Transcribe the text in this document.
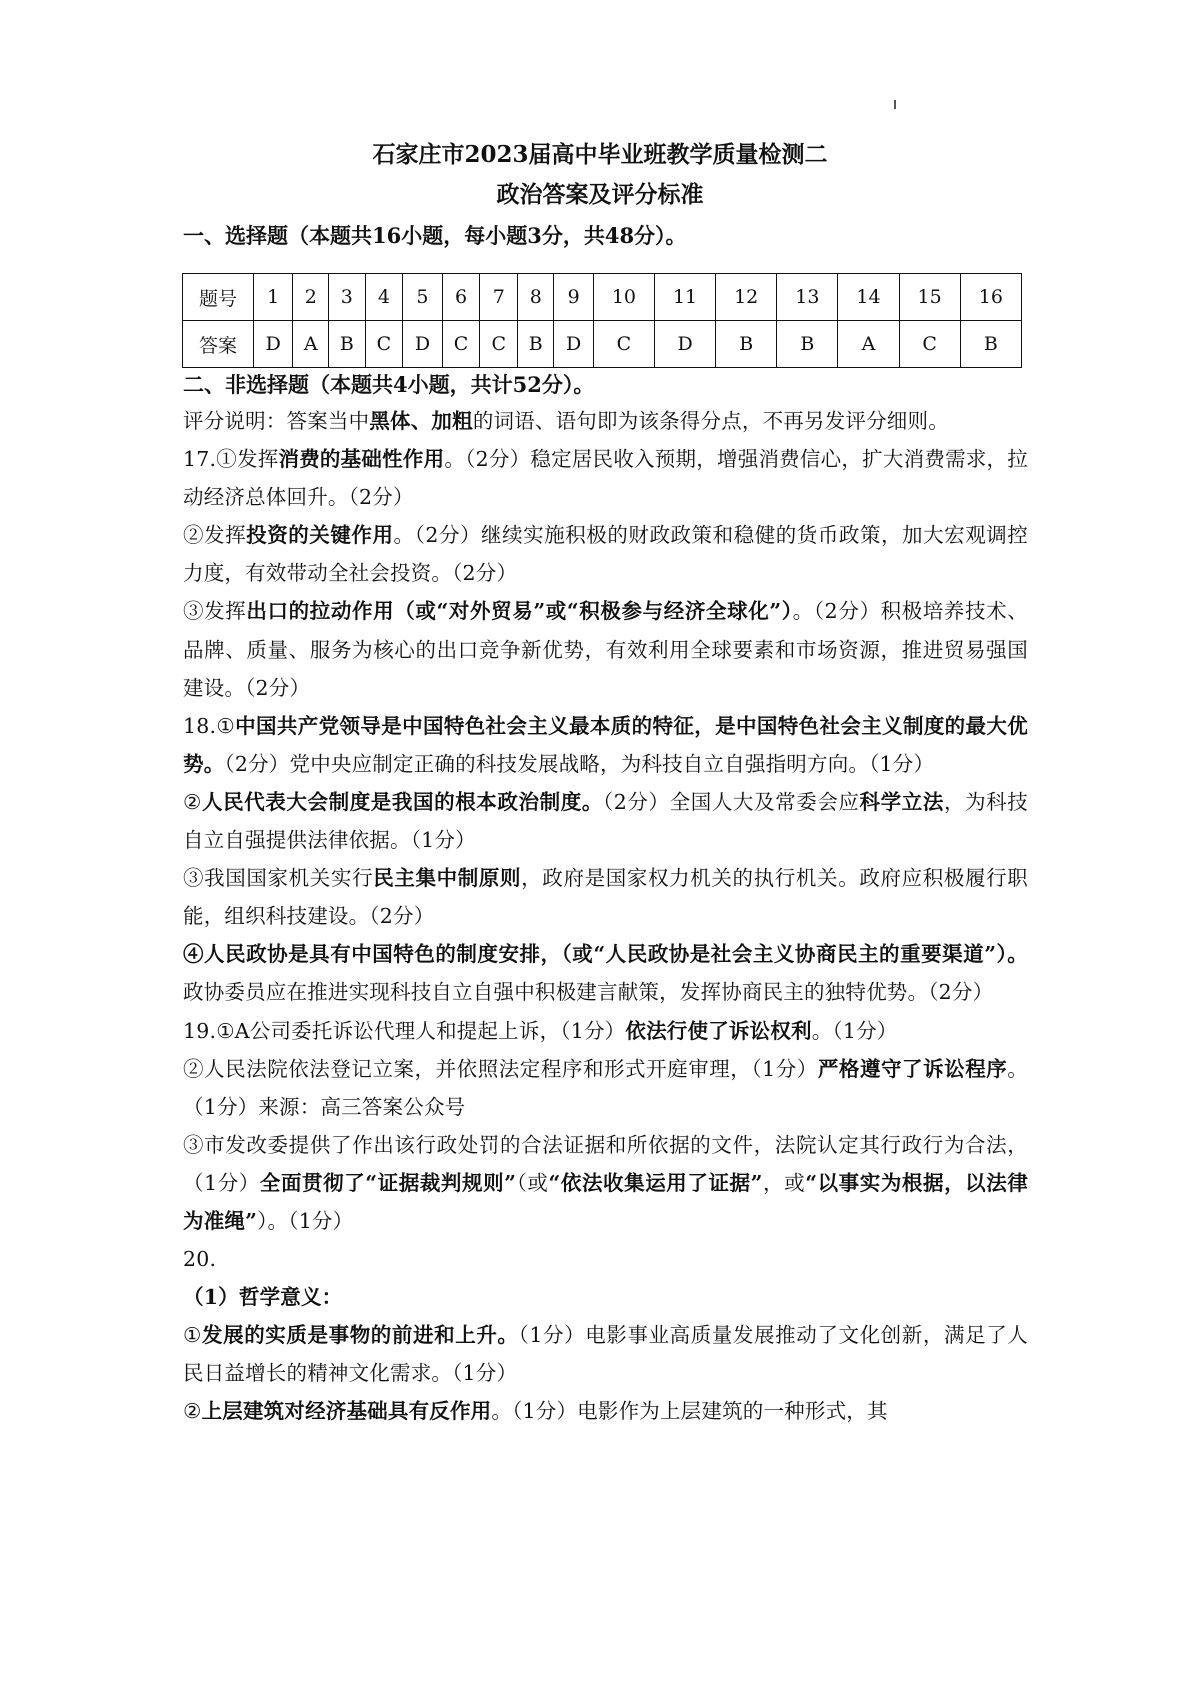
石家庄市2023届高中毕业班教学质量检测二
政治答案及评分标准
一、选择题（本题共16小题，每小题3分，共48分）。
题号	1	2	3	4	5	6	7	8	9	10	11	12	13	14	15	16
答案	D	A	B	C	D	C	C	B	D	C	D	B	B	A	C	B
二、非选择题（本题共4小题，共计52分）。

评分说明：答案当中黑体、加粗的词语、语句即为该条得分点，不再另发评分细则。

17.①发挥消费的基础性作用。（2分）稳定居民收入预期，增强消费信心，扩大消费需求，拉动经济总体回升。（2分）

②发挥投资的关键作用。（2分）继续实施积极的财政政策和稳健的货币政策，加大宏观调控力度，有效带动全社会投资。（2分）

③发挥出口的拉动作用（或“对外贸易”或“积极参与经济全球化”）。（2分）积极培养技术、品牌、质量、服务为核心的出口竞争新优势，有效利用全球要素和市场资源，推进贸易强国建设。（2分）

18.①中国共产党领导是中国特色社会主义最本质的特征，是中国特色社会主义制度的最大优势。（2分）党中央应制定正确的科技发展战略，为科技自立自强指明方向。（1分）

②人民代表大会制度是我国的根本政治制度。（2分）全国人大及常委会应科学立法，为科技自立自强提供法律依据。（1分）

③我国国家机关实行民主集中制原则，政府是国家权力机关的执行机关。政府应积极履行职能，组织科技建设。（2分）

④人民政协是具有中国特色的制度安排，（或“人民政协是社会主义协商民主的重要渠道”）。政协委员应在推进实现科技自立自强中积极建言献策，发挥协商民主的独特优势。（2分）

19.①A公司委托诉讼代理人和提起上诉，（1分）依法行使了诉讼权利。（1分）

②人民法院依法登记立案，并依照法定程序和形式开庭审理，（1分）严格遵守了诉讼程序。（1分）来源：高三答案公众号

③市发改委提供了作出该行政处罚的合法证据和所依据的文件，法院认定其行政行为合法，（1分）全面贯彻了“证据裁判规则”（或“依法收集运用了证据”，或“以事实为根据，以法律为准绳”）。（1分）

20.

（1）哲学意义：

①发展的实质是事物的前进和上升。（1分）电影事业高质量发展推动了文化创新，满足了人民日益增长的精神文化需求。（1分）

②上层建筑对经济基础具有反作用。（1分）电影作为上层建筑的一种形式，其
